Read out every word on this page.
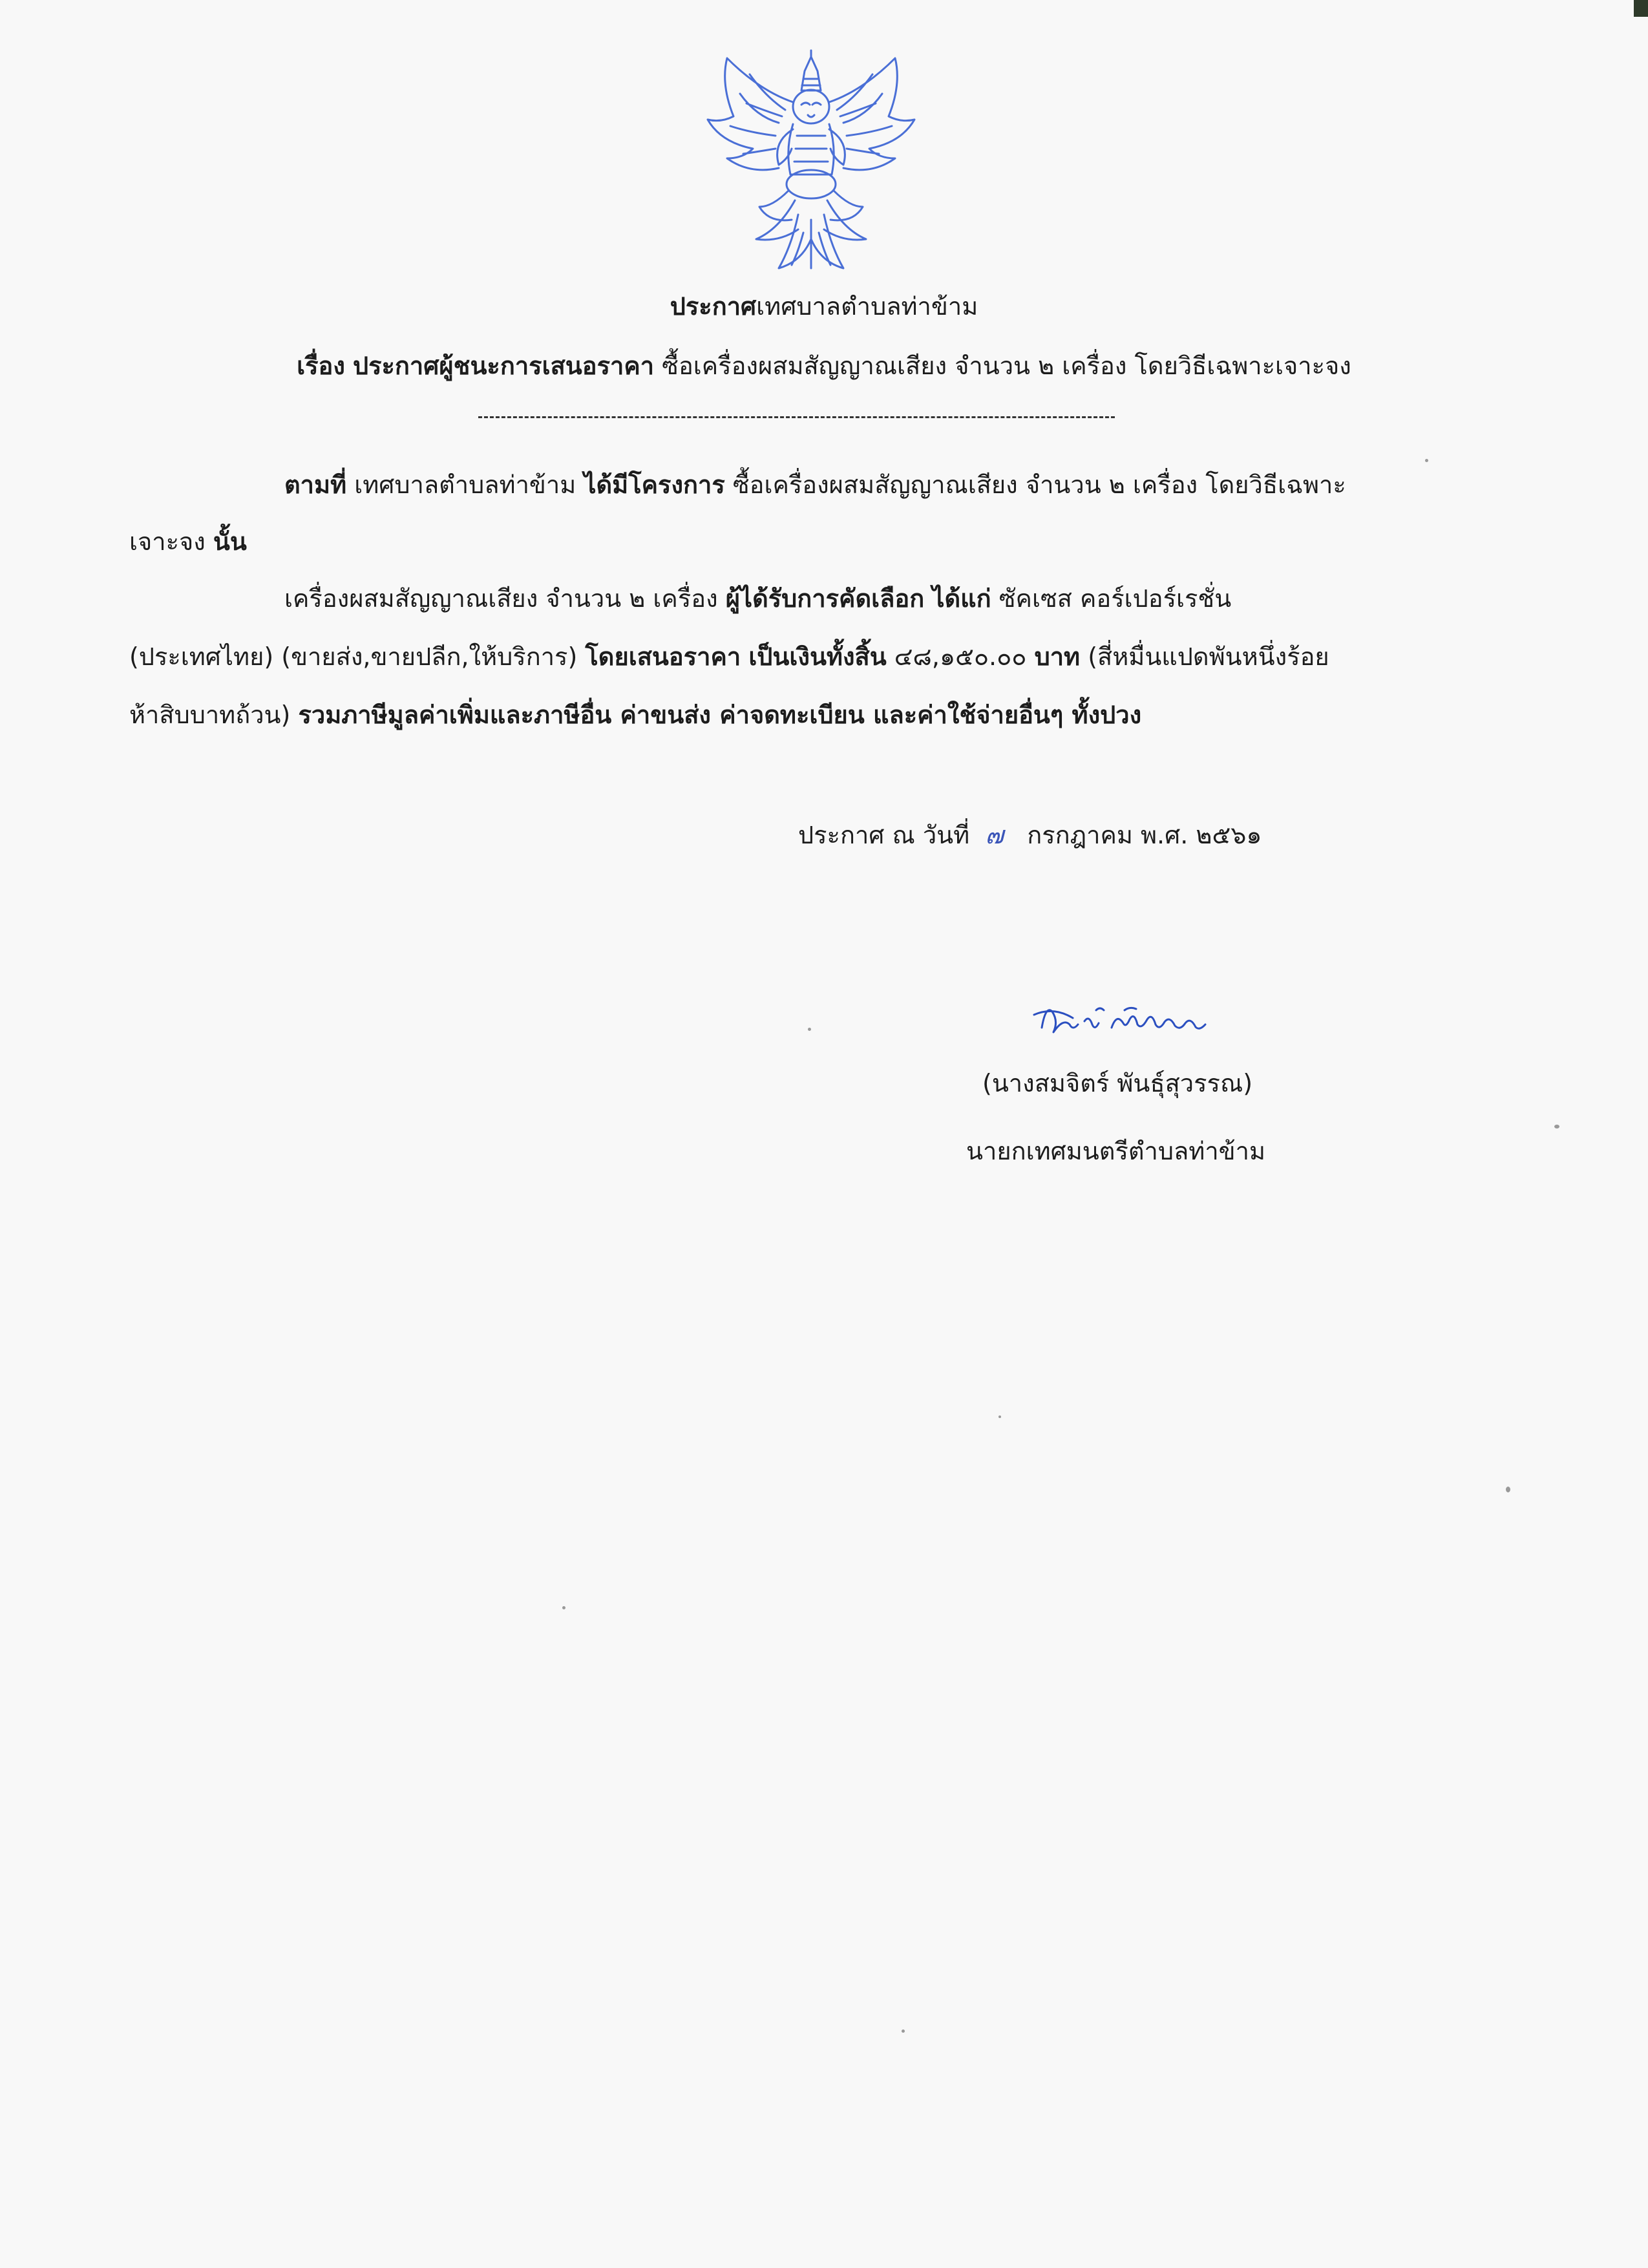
ประกาศเทศบาลตำบลท่าข้าม
เรื่อง ประกาศผู้ชนะการเสนอราคา ซื้อเครื่องผสมสัญญาณเสียง จำนวน ๒ เครื่อง โดยวิธีเฉพาะเจาะจง
ตามที่ เทศบาลตำบลท่าข้าม ได้มีโครงการ ซื้อเครื่องผสมสัญญาณเสียง จำนวน ๒ เครื่อง โดยวิธีเฉพาะ
เจาะจง นั้น
เครื่องผสมสัญญาณเสียง จำนวน ๒ เครื่อง ผู้ได้รับการคัดเลือก ได้แก่ ซัคเซส คอร์เปอร์เรชั่น
(ประเทศไทย) (ขายส่ง,ขายปลีก,ให้บริการ) โดยเสนอราคา เป็นเงินทั้งสิ้น ๔๘,๑๕๐.๐๐ บาท (สี่หมื่นแปดพันหนึ่งร้อย
ห้าสิบบาทถ้วน) รวมภาษีมูลค่าเพิ่มและภาษีอื่น ค่าขนส่ง ค่าจดทะเบียน และค่าใช้จ่ายอื่นๆ ทั้งปวง
ประกาศ ณ วันที่ ๗ กรกฎาคม พ.ศ. ๒๕๖๑
(นางสมจิตร์ พันธุ์สุวรรณ)
นายกเทศมนตรีตำบลท่าข้าม
